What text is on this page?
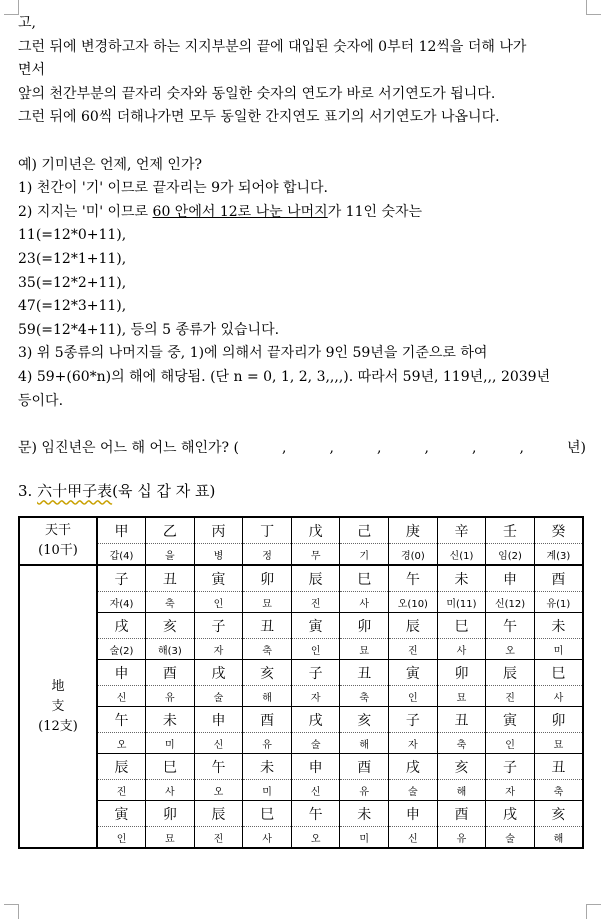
고,
그런 뒤에 변경하고자 하는 지지부분의 끝에 대입된 숫자에 0부터 12씩을 더해 나가
면서
앞의 천간부분의 끝자리 숫자와 동일한 숫자의 연도가 바로 서기연도가 됩니다.
그런 뒤에 60씩 더해나가면 모두 동일한 간지연도 표기의 서기연도가 나옵니다.
예) 기미년은 언제, 언제 인가?
1) 천간이 '기' 이므로 끝자리는 9가 되어야 합니다.
2) 지지는 '미' 이므로 60 안에서 12로 나눈 나머지가 11인 숫자는
11(=12*0+11),
23(=12*1+11),
35(=12*2+11),
47(=12*3+11),
59(=12*4+11), 등의 5 종류가 있습니다.
3) 위 5종류의 나머지들 중, 1)에 의해서 끝자리가 9인 59년을 기준으로 하여
4) 59+(60*n)의 해에 해당됨. (단 n = 0, 1, 2, 3,,,,). 따라서 59년, 119년,,, 2039년
등이다.
문) 임진년은 어느 해 어느 해인가? (	,	,	,	,	,	,	년)
3. 六十甲子表(육 십 갑 자 표)
天干
(10干)	甲	乙	丙	丁	戊	己	庚	辛	壬	癸
	갑(4)	을	병	정	무	기	경(0)	신(1)	임(2)	계(3)

地
支
(12支)	子	丑	寅	卯	辰	巳	午	未	申	酉
	자(4)	축	인	묘	진	사	오(10)	미(11)	신(12)	유(1)
	戌	亥	子	丑	寅	卯	辰	巳	午	未
	술(2)	해(3)	자	축	인	묘	진	사	오	미
	申	酉	戌	亥	子	丑	寅	卯	辰	巳
	신	유	술	해	자	축	인	묘	진	사
	午	未	申	酉	戌	亥	子	丑	寅	卯
	오	미	신	유	술	해	자	축	인	묘
	辰	巳	午	未	申	酉	戌	亥	子	丑
	진	사	오	미	신	유	술	해	자	축
	寅	卯	辰	巳	午	未	申	酉	戌	亥
	인	묘	진	사	오	미	신	유	술	해
